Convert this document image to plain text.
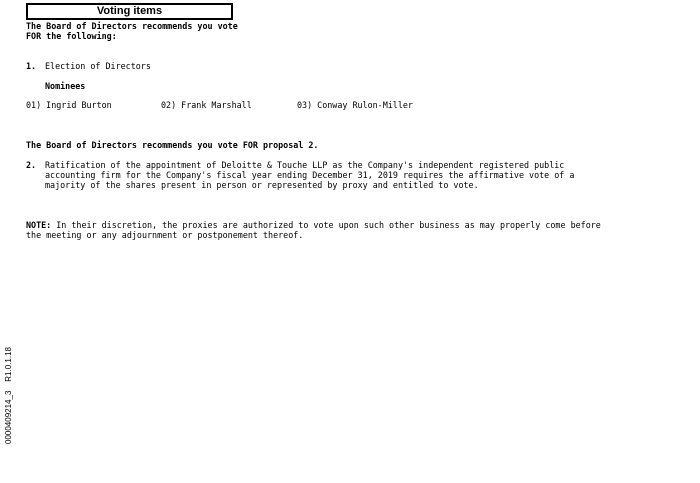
Voting items
The Board of Directors recommends you vote
FOR the following:
1. Election of Directors
Nominees
01) Ingrid Burton	02) Frank Marshall	03) Conway Rulon-Miller
The Board of Directors recommends you vote FOR proposal 2.
2. Ratification of the appointment of Deloitte & Touche LLP as the Company's independent registered public
accounting firm for the Company's fiscal year ending December 31, 2019 requires the affirmative vote of a
majority of the shares present in person or represented by proxy and entitled to vote.
NOTE: In their discretion, the proxies are authorized to vote upon such other business as may properly come before
the meeting or any adjournment or postponement thereof.
0000409214_3    R1.0.1.18
